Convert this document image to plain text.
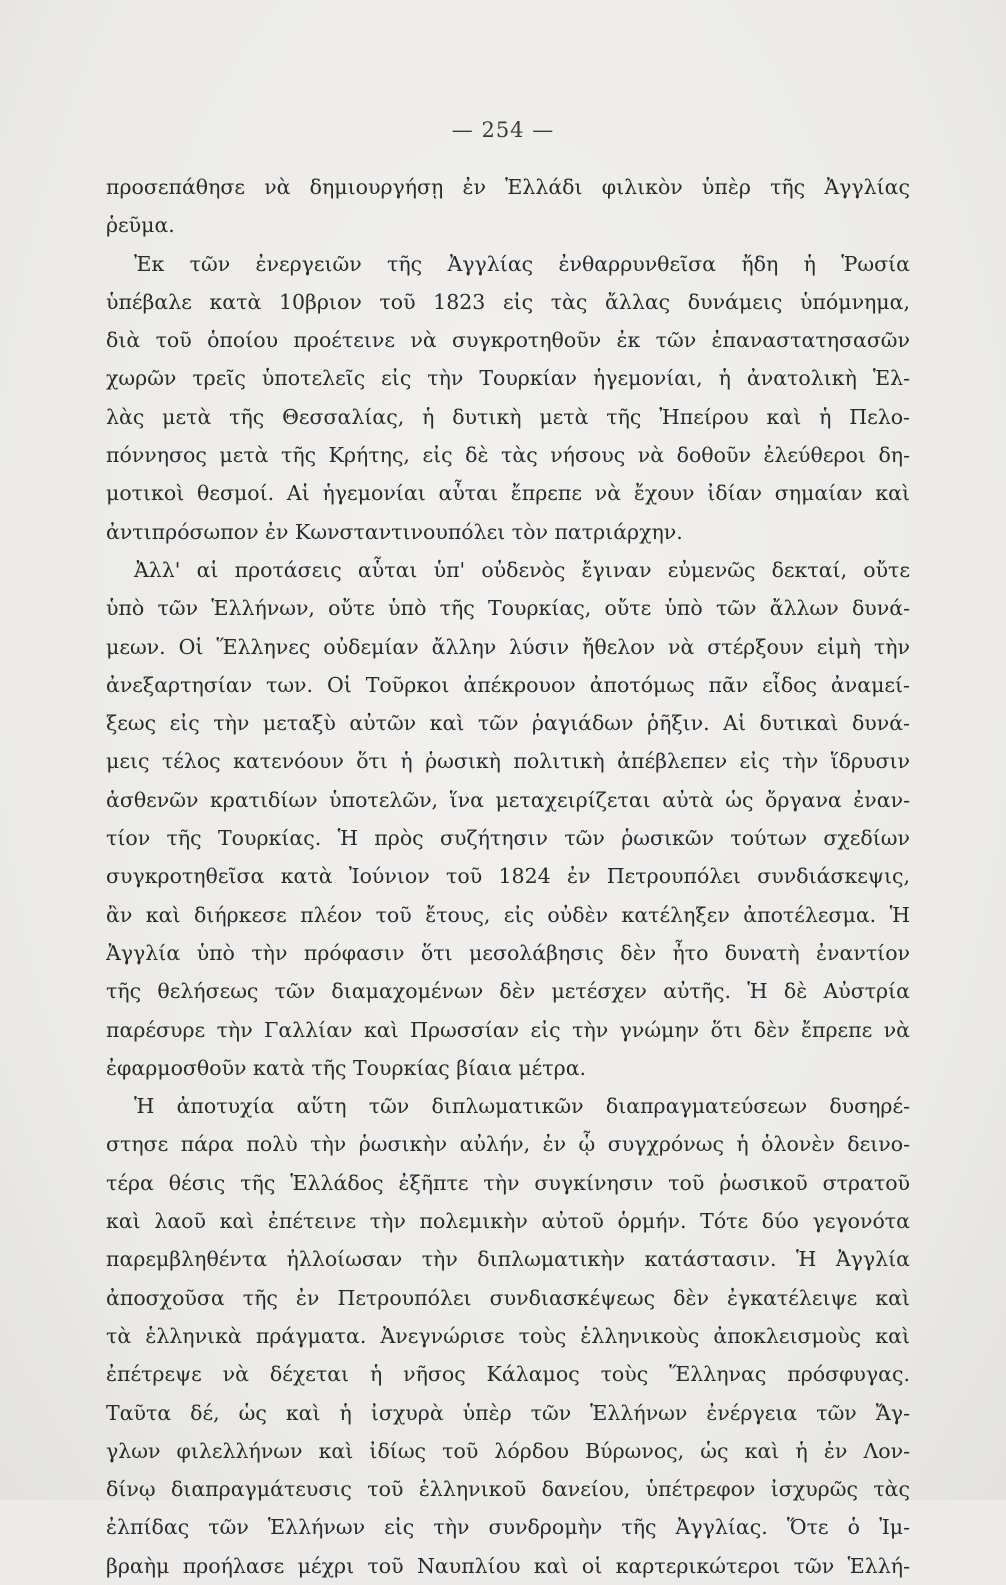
— 254 —
προσεπάθησε νὰ δημιουργήσῃ ἐν Ἑλλάδι φιλικὸν ὑπὲρ τῆς Ἀγγλίας
ῥεῦμα.
Ἐκ τῶν ἐνεργειῶν τῆς Ἀγγλίας ἐνθαρρυνθεῖσα ἤδη ἡ Ῥωσία
ὑπέβαλε κατὰ 10βριον τοῦ 1823 εἰς τὰς ἄλλας δυνάμεις ὑπόμνημα,
διὰ τοῦ ὁποίου προέτεινε νὰ συγκροτηθοῦν ἐκ τῶν ἐπαναστατησασῶν
χωρῶν τρεῖς ὑποτελεῖς εἰς τὴν Τουρκίαν ἡγεμονίαι, ἡ ἀνατολικὴ Ἑλ-
λὰς μετὰ τῆς Θεσσαλίας, ἡ δυτικὴ μετὰ τῆς Ἠπείρου καὶ ἡ Πελο-
πόννησος μετὰ τῆς Κρήτης, εἰς δὲ τὰς νήσους νὰ δοθοῦν ἐλεύθεροι δη-
μοτικοὶ θεσμοί. Αἱ ἡγεμονίαι αὗται ἔπρεπε νὰ ἔχουν ἰδίαν σημαίαν καὶ
ἀντιπρόσωπον ἐν Κωνσταντινουπόλει τὸν πατριάρχην.
Ἀλλ' αἱ προτάσεις αὗται ὑπ' οὐδενὸς ἔγιναν εὐμενῶς δεκταί, οὔτε
ὑπὸ τῶν Ἑλλήνων, οὔτε ὑπὸ τῆς Τουρκίας, οὔτε ὑπὸ τῶν ἄλλων δυνά-
μεων. Οἱ Ἕλληνες οὐδεμίαν ἄλλην λύσιν ἤθελον νὰ στέρξουν εἰμὴ τὴν
ἀνεξαρτησίαν των. Οἱ Τοῦρκοι ἀπέκρουον ἀποτόμως πᾶν εἶδος ἀναμεί-
ξεως εἰς τὴν μεταξὺ αὐτῶν καὶ τῶν ῥαγιάδων ῥῆξιν. Αἱ δυτικαὶ δυνά-
μεις τέλος κατενόουν ὅτι ἡ ῥωσικὴ πολιτικὴ ἀπέβλεπεν εἰς τὴν ἵδρυσιν
ἀσθενῶν κρατιδίων ὑποτελῶν, ἵνα μεταχειρίζεται αὐτὰ ὡς ὄργανα ἐναν-
τίον τῆς Τουρκίας. Ἡ πρὸς συζήτησιν τῶν ῥωσικῶν τούτων σχεδίων
συγκροτηθεῖσα κατὰ Ἰούνιον τοῦ 1824 ἐν Πετρουπόλει συνδιάσκεψις,
ἂν καὶ διήρκεσε πλέον τοῦ ἔτους, εἰς οὐδὲν κατέληξεν ἀποτέλεσμα. Ἡ
Ἀγγλία ὑπὸ τὴν πρόφασιν ὅτι μεσολάβησις δὲν ἦτο δυνατὴ ἐναντίον
τῆς θελήσεως τῶν διαμαχομένων δὲν μετέσχεν αὐτῆς. Ἡ δὲ Αὐστρία
παρέσυρε τὴν Γαλλίαν καὶ Πρωσσίαν εἰς τὴν γνώμην ὅτι δὲν ἔπρεπε νὰ
ἐφαρμοσθοῦν κατὰ τῆς Τουρκίας βίαια μέτρα.
Ἡ ἀποτυχία αὕτη τῶν διπλωματικῶν διαπραγματεύσεων δυσηρέ-
στησε πάρα πολὺ τὴν ῥωσικὴν αὐλήν, ἐν ᾧ συγχρόνως ἡ ὁλονὲν δεινο-
τέρα θέσις τῆς Ἑλλάδος ἐξῆπτε τὴν συγκίνησιν τοῦ ῥωσικοῦ στρατοῦ
καὶ λαοῦ καὶ ἐπέτεινε τὴν πολεμικὴν αὐτοῦ ὁρμήν. Τότε δύο γεγονότα
παρεμβληθέντα ἠλλοίωσαν τὴν διπλωματικὴν κατάστασιν. Ἡ Ἀγγλία
ἀποσχοῦσα τῆς ἐν Πετρουπόλει συνδιασκέψεως δὲν ἐγκατέλειψε καὶ
τὰ ἑλληνικὰ πράγματα. Ἀνεγνώρισε τοὺς ἑλληνικοὺς ἀποκλεισμοὺς καὶ
ἐπέτρεψε νὰ δέχεται ἡ νῆσος Κάλαμος τοὺς Ἕλληνας πρόσφυγας.
Ταῦτα δέ, ὡς καὶ ἡ ἰσχυρὰ ὑπὲρ τῶν Ἑλλήνων ἐνέργεια τῶν Ἄγ-
γλων φιλελλήνων καὶ ἰδίως τοῦ λόρδου Βύρωνος, ὡς καὶ ἡ ἐν Λον-
δίνῳ διαπραγμάτευσις τοῦ ἑλληνικοῦ δανείου, ὑπέτρεφον ἰσχυρῶς τὰς
ἐλπίδας τῶν Ἑλλήνων εἰς τὴν συνδρομὴν τῆς Ἀγγλίας. Ὅτε ὁ Ἰμ-
βραὴμ προήλασε μέχρι τοῦ Ναυπλίου καὶ οἱ καρτερικώτεροι τῶν Ἑλλή-
